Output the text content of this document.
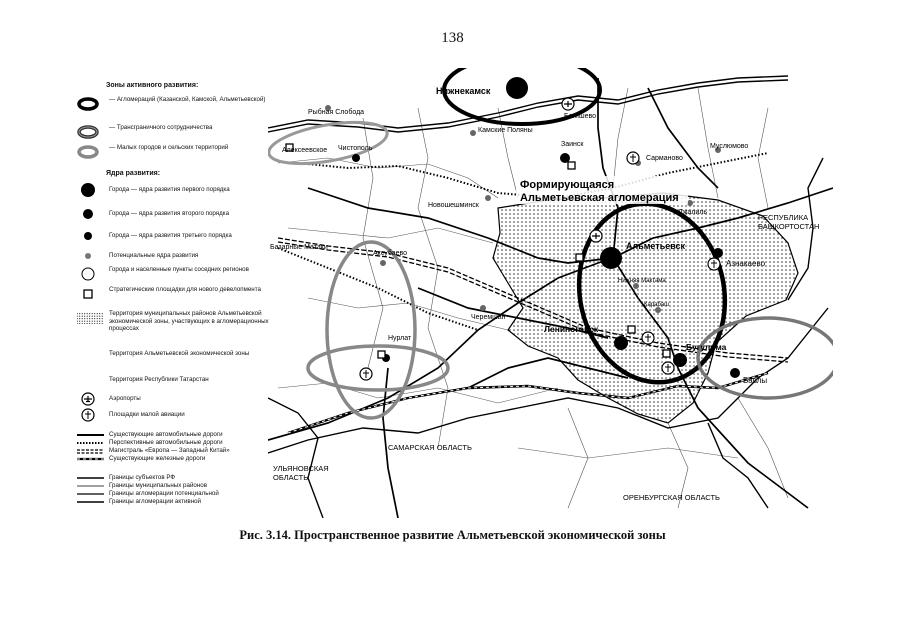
138
Зоны активного развития:
— Агломераций (Казанской, Камской, Альметьевской)
— Трансграничного сотрудничества
— Малых городов и сельских территорий
Ядра развития:
Города — ядра развития первого порядка
Города — ядра развития второго порядка
Города — ядра развития третьего порядка
Потенциальные ядра развития
Города и населенные пункты соседних регионов
Стратегические площадки для нового девелопмента
Территория муниципальных районов Альметьевской экономической зоны, участвующих в агломерационных процессах
Территория Альметьевской экономической зоны
Территория Республики Татарстан
Аэропорты
Площадки малой авиации
Существующие автомобильные дороги
Перспективные автомобильные дороги
Магистраль «Европа — Западный Китай»
Существующие железные дороги
Границы субъектов РФ
Границы муниципальных районов
Границы агломерации потенциальной
Границы агломерации активной
Нижнекамск
Рыбная Слобода
Камские Поляны
Бегишево
Заинск
Сарманово
Муслюмово
Алексеевское Чистополь
Новошешминск
Джалиль
Альметьевск
Азнакаево
Базарные Матаки
Аксубаево
Нижняя Мактама
Карабаш
Черемшан
Лениногорск
Бугульма
Нурлат
Бавлы
Формирующаяся Альметьевская агломерация
РЕСПУБЛИКА БАШКОРТОСТАН
САМАРСКАЯ ОБЛАСТЬ
УЛЬЯНОВСКАЯ ОБЛАСТЬ
ОРЕНБУРГСКАЯ ОБЛАСТЬ
Рис. 3.14. Пространственное развитие Альметьевской экономической зоны
